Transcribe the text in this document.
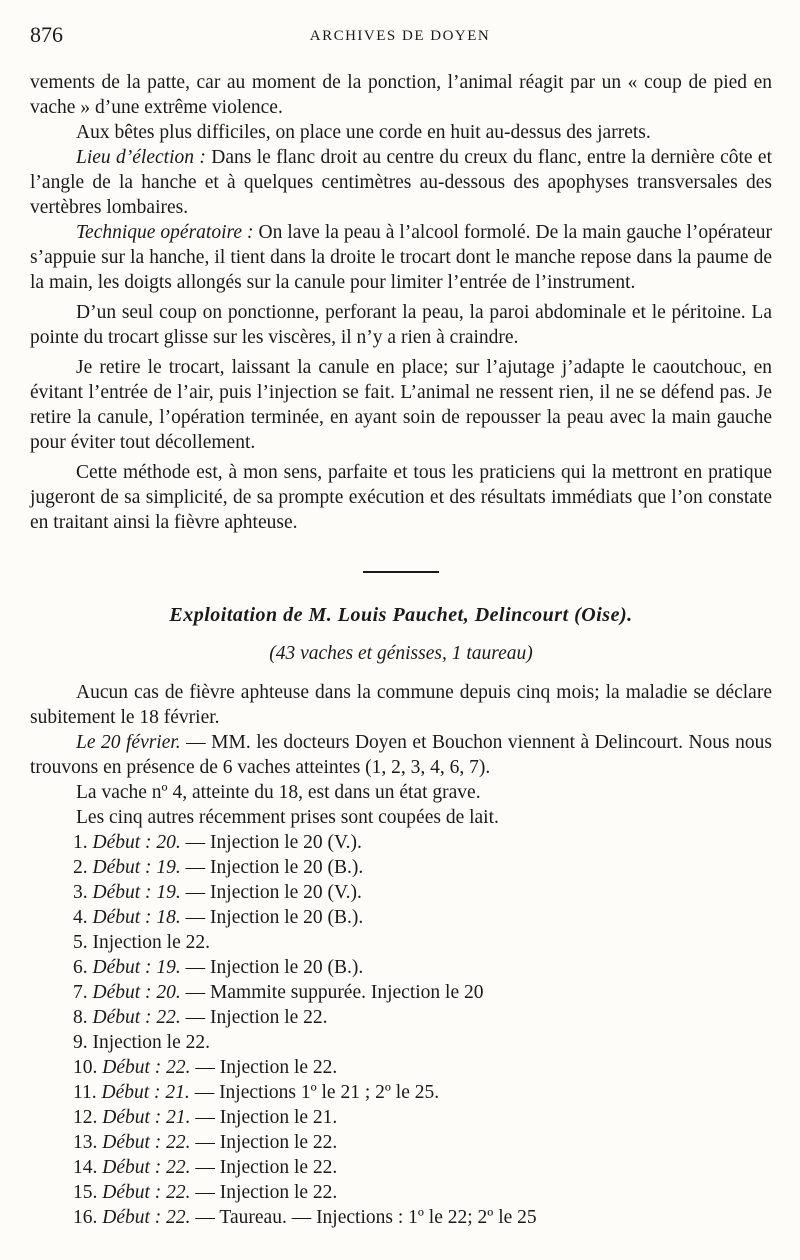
876	ARCHIVES DE DOYEN

vements de la patte, car au moment de la ponction, l’animal réagit par un « coup de pied en vache » d’une extrême violence.

Aux bêtes plus difficiles, on place une corde en huit au-dessus des jarrets.

Lieu d’élection : Dans le flanc droit au centre du creux du flanc, entre la dernière côte et l’angle de la hanche et à quelques centimètres au-dessous des apophyses transversales des vertèbres lombaires.

Technique opératoire : On lave la peau à l’alcool formolé. De la main gauche l’opérateur s’appuie sur la hanche, il tient dans la droite le trocart dont le manche repose dans la paume de la main, les doigts allongés sur la canule pour limiter l’entrée de l’instrument.

D’un seul coup on ponctionne, perforant la peau, la paroi abdominale et le péritoine. La pointe du trocart glisse sur les viscères, il n’y a rien à craindre.

Je retire le trocart, laissant la canule en place; sur l’ajutage j’adapte le caoutchouc, en évitant l’entrée de l’air, puis l’injection se fait. L’animal ne ressent rien, il ne se défend pas. Je retire la canule, l’opération terminée, en ayant soin de repousser la peau avec la main gauche pour éviter tout décollement.

Cette méthode est, à mon sens, parfaite et tous les praticiens qui la mettront en pratique jugeront de sa simplicité, de sa prompte exécution et des résultats immédiats que l’on constate en traitant ainsi la fièvre aphteuse.

Exploitation de M. Louis Pauchet, Delincourt (Oise).
(43 vaches et génisses, 1 taureau)

Aucun cas de fièvre aphteuse dans la commune depuis cinq mois; la maladie se déclare subitement le 18 février.

Le 20 février. — MM. les docteurs Doyen et Bouchon viennent à Delincourt. Nous nous trouvons en présence de 6 vaches atteintes (1, 2, 3, 4, 6, 7).

La vache nº 4, atteinte du 18, est dans un état grave.

Les cinq autres récemment prises sont coupées de lait.

1. Début : 20. — Injection le 20 (V.).
2. Début : 19. — Injection le 20 (B.).
3. Début : 19. — Injection le 20 (V.).
4. Début : 18. — Injection le 20 (B.).
5. Injection le 22.
6. Début : 19. — Injection le 20 (B.).
7. Début : 20. — Mammite suppurée. Injection le 20
8. Début : 22. — Injection le 22.
9. Injection le 22.
10. Début : 22. — Injection le 22.
11. Début : 21. — Injections 1º le 21 ; 2º le 25.
12. Début : 21. — Injection le 21.
13. Début : 22. — Injection le 22.
14. Début : 22. — Injection le 22.
15. Début : 22. — Injection le 22.
16. Début : 22. — Taureau. — Injections : 1º le 22; 2º le 25
